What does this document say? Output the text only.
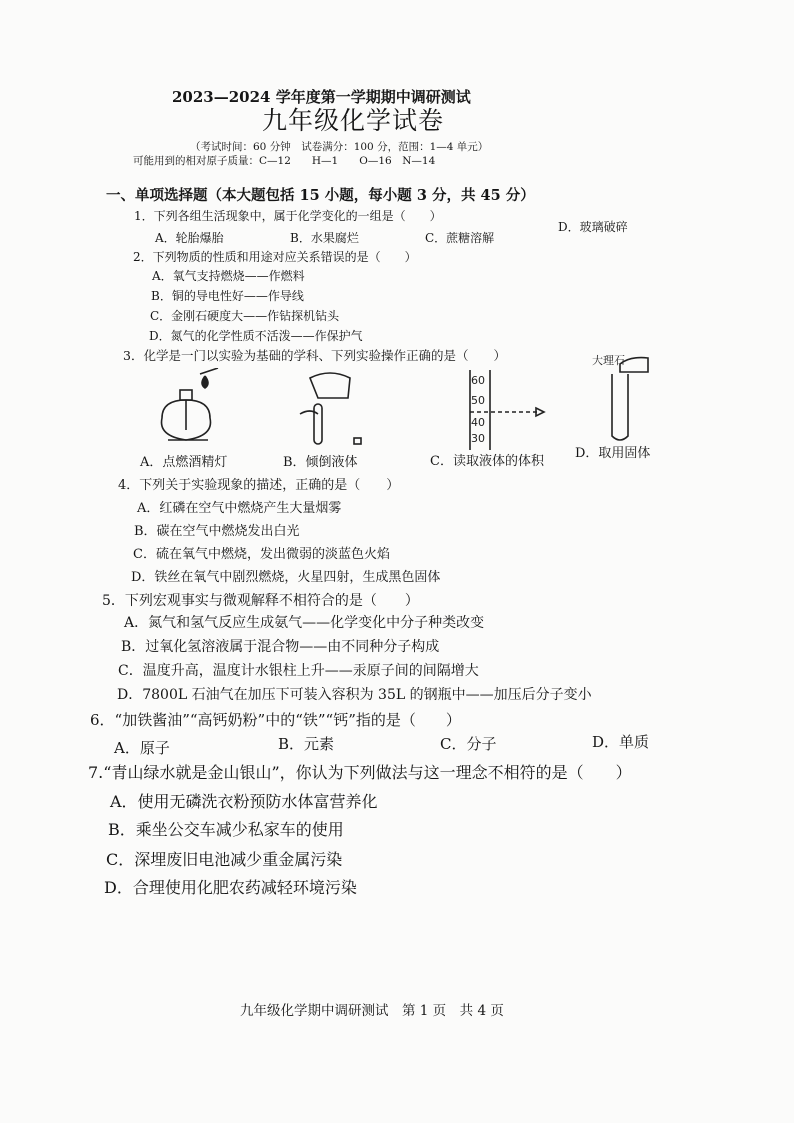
2023—2024 学年度第一学期期中调研测试
九年级化学试卷
（考试时间：60 分钟　试卷满分：100 分，范围：1—4 单元）
可能用到的相对原子质量：C—12　　H—1　　O—16　N—14
一、单项选择题（本大题包括 15 小题，每小题 3 分，共 45 分）
1．下列各组生活现象中，属于化学变化的一组是（　　）
A．轮胎爆胎	B．水果腐烂	C．蔗糖溶解
D．玻璃破碎
2．下列物质的性质和用途对应关系错误的是（　　）
A．氧气支持燃烧——作燃料
B．铜的导电性好——作导线
C．金刚石硬度大——作钻探机钻头
D．氮气的化学性质不活泼——作保护气
3．化学是一门以实验为基础的学科、下列实验操作正确的是（　　）
60
50
40
30
大理石
A．点燃酒精灯	B．倾倒液体	C．读取液体的体积
D．取用固体
4．下列关于实验现象的描述，正确的是（　　）
A．红磷在空气中燃烧产生大量烟雾
B．碳在空气中燃烧发出白光
C．硫在氧气中燃烧，发出微弱的淡蓝色火焰
D．铁丝在氧气中剧烈燃烧，火星四射，生成黑色固体
5．下列宏观事实与微观解释不相符合的是（　　）
A．氮气和氢气反应生成氨气——化学变化中分子种类改变
B．过氧化氢溶液属于混合物——由不同种分子构成
C．温度升高，温度计水银柱上升——汞原子间的间隔增大
D．7800L 石油气在加压下可装入容积为 35L 的钢瓶中——加压后分子变小
6．“加铁酱油”“高钙奶粉”中的“铁”“钙”指的是（　　）
A．原子	B．元素	C．分子	D．单质
7.“青山绿水就是金山银山”，你认为下列做法与这一理念不相符的是（　　）
A．使用无磷洗衣粉预防水体富营养化
B．乘坐公交车减少私家车的使用
C．深埋废旧电池减少重金属污染
D．合理使用化肥农药减轻环境污染
九年级化学期中调研测试　第 1 页　共 4 页
